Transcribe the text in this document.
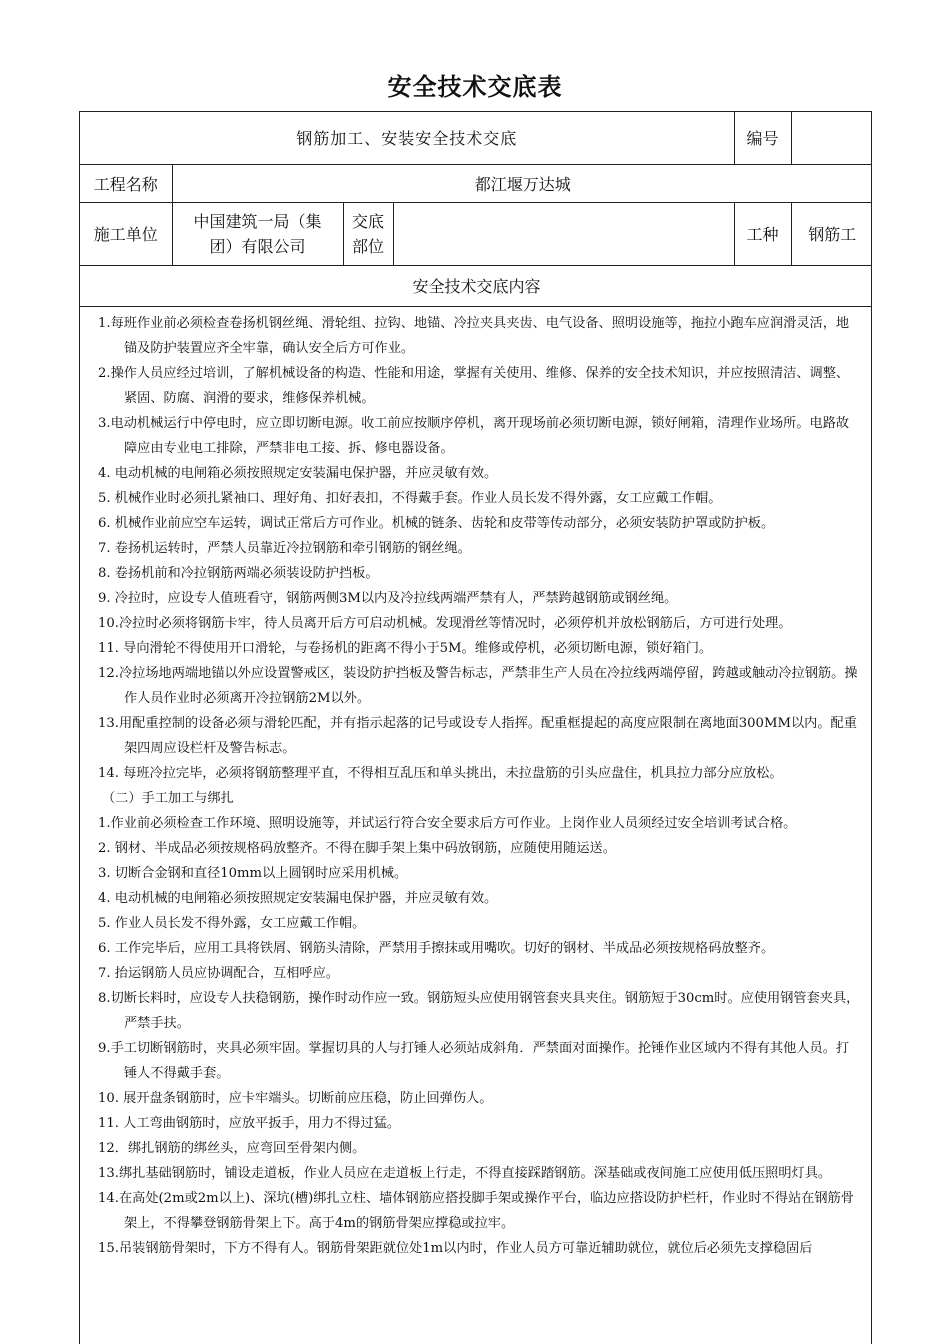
安全技术交底表
钢筋加工、安装安全技术交底				编号	
工程名称	都江堰万达城				
施工单位	中国建筑一局（集团）有限公司	交底部位		工种	钢筋工
安全技术交底内容					

1.每班作业前必须检查卷扬机钢丝绳、滑轮组、拉钩、地锚、冷拉夹具夹齿、电气设备、照明设施等，拖拉小跑车应润滑灵活，地锚及防护装置应齐全牢靠，确认安全后方可作业。

2.操作人员应经过培训，了解机械设备的构造、性能和用途，掌握有关使用、维修、保养的安全技术知识，并应按照清洁、调整、紧固、防腐、润滑的要求，维修保养机械。

3.电动机械运行中停电时，应立即切断电源。收工前应按顺序停机，离开现场前必须切断电源，锁好闸箱，清理作业场所。电路故障应由专业电工排除，严禁非电工接、拆、修电器设备。

4. 电动机械的电闸箱必须按照规定安装漏电保护器，并应灵敏有效。

5. 机械作业时必须扎紧袖口、理好角、扣好表扣，不得戴手套。作业人员长发不得外露，女工应戴工作帽。

6. 机械作业前应空车运转，调试正常后方可作业。机械的链条、齿轮和皮带等传动部分，必须安装防护罩或防护板。

7. 卷扬机运转时，严禁人员靠近冷拉钢筋和牵引钢筋的钢丝绳。

8. 卷扬机前和冷拉钢筋两端必须装设防护挡板。

9. 冷拉时，应设专人值班看守，钢筋两侧3M以内及冷拉线两端严禁有人，严禁跨越钢筋或钢丝绳。

10.冷拉时必须将钢筋卡牢，待人员离开后方可启动机械。发现滑丝等情况时，必须停机并放松钢筋后，方可进行处理。

11. 导向滑轮不得使用开口滑轮，与卷扬机的距离不得小于5M。维修或停机，必须切断电源，锁好箱门。

12.冷拉场地两端地锚以外应设置警戒区，装设防护挡板及警告标志，严禁非生产人员在冷拉线两端停留，跨越或触动冷拉钢筋。操作人员作业时必须离开冷拉钢筋2M以外。

13.用配重控制的设备必须与滑轮匹配，并有指示起落的记号或设专人指挥。配重框提起的高度应限制在离地面300MM以内。配重架四周应设栏杆及警告标志。

14. 每班冷拉完毕，必须将钢筋整理平直，不得相互乱压和单头挑出，未拉盘筋的引头应盘住，机具拉力部分应放松。

（二）手工加工与绑扎

1.作业前必须检查工作环境、照明设施等，并试运行符合安全要求后方可作业。上岗作业人员须经过安全培训考试合格。

2. 钢材、半成品必须按规格码放整齐。不得在脚手架上集中码放钢筋，应随使用随运送。

3. 切断合金钢和直径10mm以上圆钢时应采用机械。

4. 电动机械的电闸箱必须按照规定安装漏电保护器，并应灵敏有效。

5. 作业人员长发不得外露，女工应戴工作帽。

6. 工作完毕后，应用工具将铁屑、钢筋头清除，严禁用手擦抹或用嘴吹。切好的钢材、半成品必须按规格码放整齐。

7. 抬运钢筋人员应协调配合，互相呼应。

8.切断长料时，应设专人扶稳钢筋，操作时动作应一致。钢筋短头应使用钢管套夹具夹住。钢筋短于30cm时。应使用钢管套夹具，严禁手扶。

9.手工切断钢筋时，夹具必须牢固。掌握切具的人与打锤人必须站成斜角．严禁面对面操作。抡锤作业区域内不得有其他人员。打锤人不得戴手套。

10. 展开盘条钢筋时，应卡牢端头。切断前应压稳，防止回弹伤人。

11. 人工弯曲钢筋时，应放平扳手，用力不得过猛。

12．绑扎钢筋的绑丝头，应弯回至骨架内侧。

13.绑扎基础钢筋时，铺设走道板，作业人员应在走道板上行走，不得直接踩踏钢筋。深基础或夜间施工应使用低压照明灯具。

14.在高处(2m或2m以上)、深坑(槽)绑扎立柱、墙体钢筋应搭投脚手架或操作平台，临边应搭设防护栏杆，作业时不得站在钢筋骨架上，不得攀登钢筋骨架上下。高于4m的钢筋骨架应撑稳或拉牢。

15.吊装钢筋骨架时，下方不得有人。钢筋骨架距就位处1m以内时，作业人员方可靠近辅助就位，就位后必须先支撑稳固后
